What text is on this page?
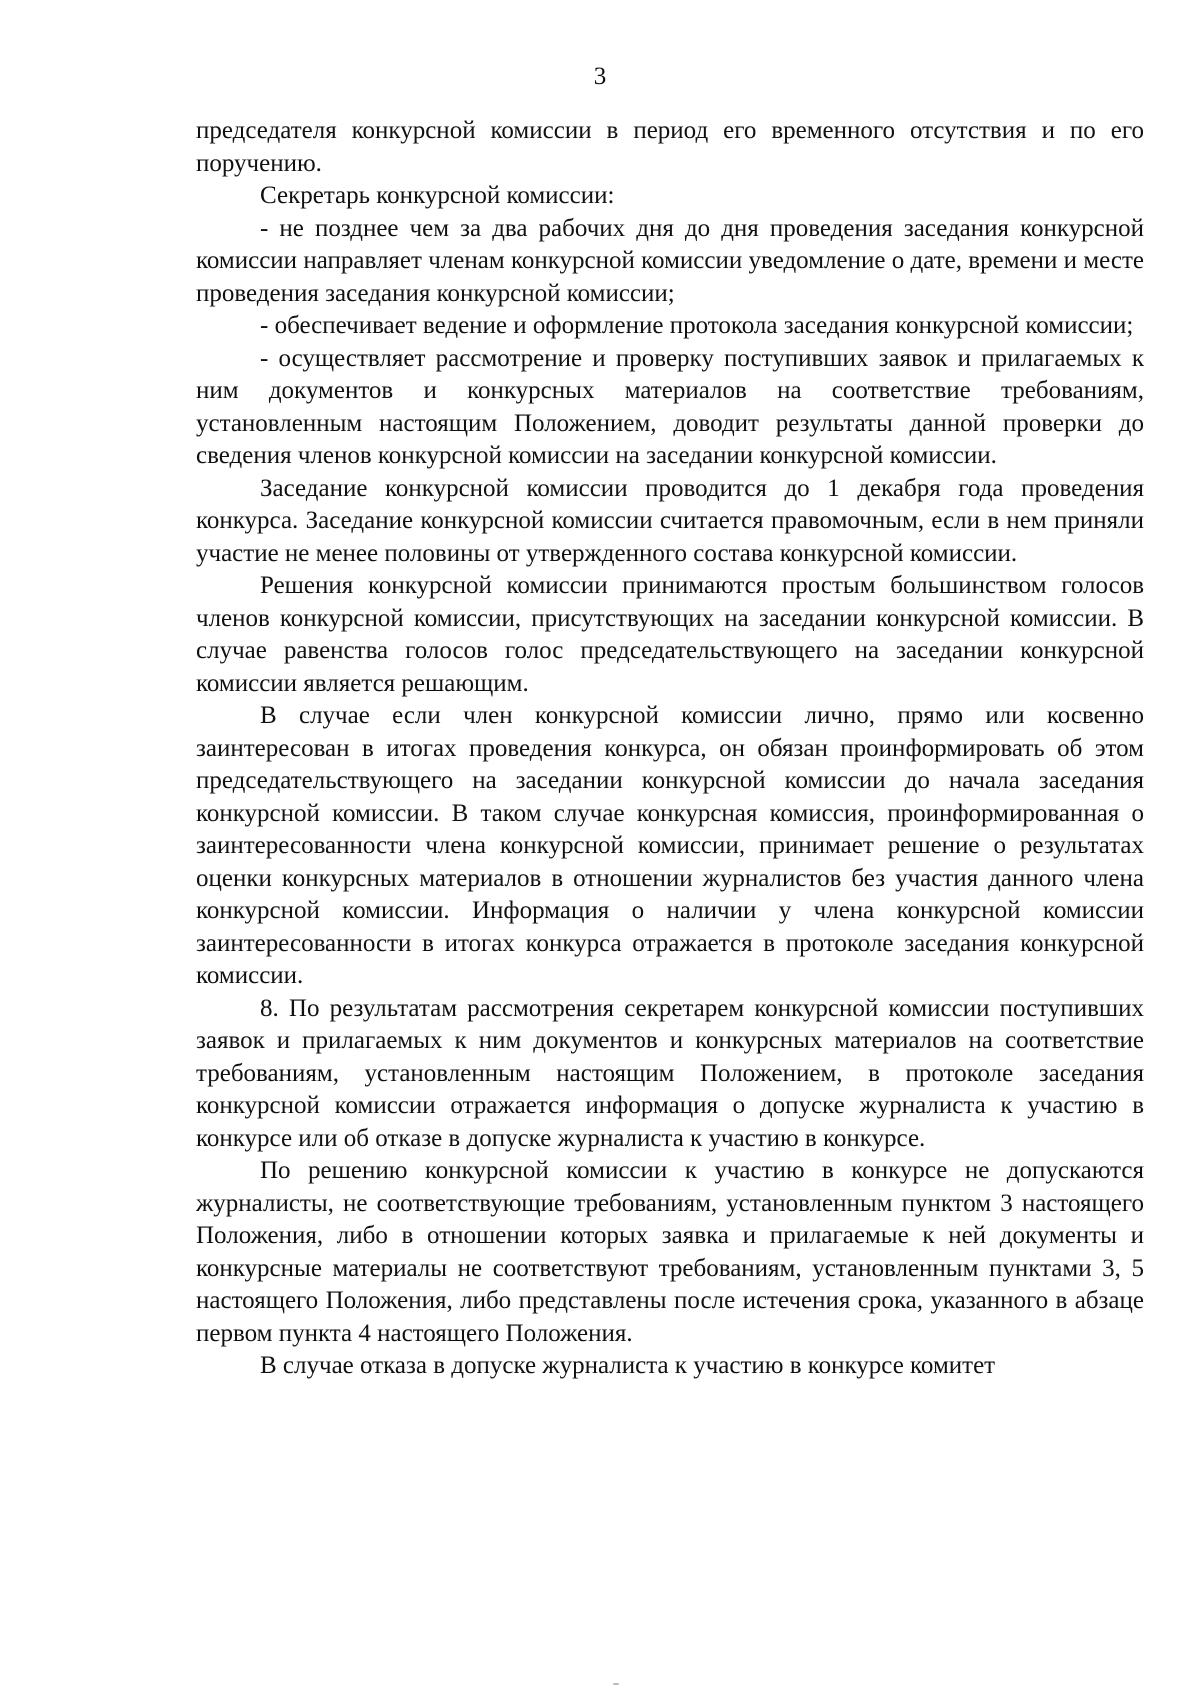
3

председателя конкурсной комиссии в период его временного отсутствия и по его поручению.

Секретарь конкурсной комиссии:

- не позднее чем за два рабочих дня до дня проведения заседания конкурсной комиссии направляет членам конкурсной комиссии уведомление о дате, времени и месте проведения заседания конкурсной комиссии;

- обеспечивает ведение и оформление протокола заседания конкурсной комиссии;

- осуществляет рассмотрение и проверку поступивших заявок и прилагаемых к ним документов и конкурсных материалов на соответствие требованиям, установленным настоящим Положением, доводит результаты данной проверки до сведения членов конкурсной комиссии на заседании конкурсной комиссии.

Заседание конкурсной комиссии проводится до 1 декабря года проведения конкурса. Заседание конкурсной комиссии считается правомочным, если в нем приняли участие не менее половины от утвержденного состава конкурсной комиссии.

Решения конкурсной комиссии принимаются простым большинством голосов членов конкурсной комиссии, присутствующих на заседании конкурсной комиссии. В случае равенства голосов голос председательствующего на заседании конкурсной комиссии является решающим.

В случае если член конкурсной комиссии лично, прямо или косвенно заинтересован в итогах проведения конкурса, он обязан проинформировать об этом председательствующего на заседании конкурсной комиссии до начала заседания конкурсной комиссии. В таком случае конкурсная комиссия, проинформированная о заинтересованности члена конкурсной комиссии, принимает решение о результатах оценки конкурсных материалов в отношении журналистов без участия данного члена конкурсной комиссии. Информация о наличии у члена конкурсной комиссии заинтересованности в итогах конкурса отражается в протоколе заседания конкурсной комиссии.

8. По результатам рассмотрения секретарем конкурсной комиссии поступивших заявок и прилагаемых к ним документов и конкурсных материалов на соответствие требованиям, установленным настоящим Положением, в протоколе заседания конкурсной комиссии отражается информация о допуске журналиста к участию в конкурсе или об отказе в допуске журналиста к участию в конкурсе.

По решению конкурсной комиссии к участию в конкурсе не допускаются журналисты, не соответствующие требованиям, установленным пунктом 3 настоящего Положения, либо в отношении которых заявка и прилагаемые к ней документы и конкурсные материалы не соответствуют требованиям, установленным пунктами 3, 5 настоящего Положения, либо представлены после истечения срока, указанного в абзаце первом пункта 4 настоящего Положения.

В случае отказа в допуске журналиста к участию в конкурсе комитет
